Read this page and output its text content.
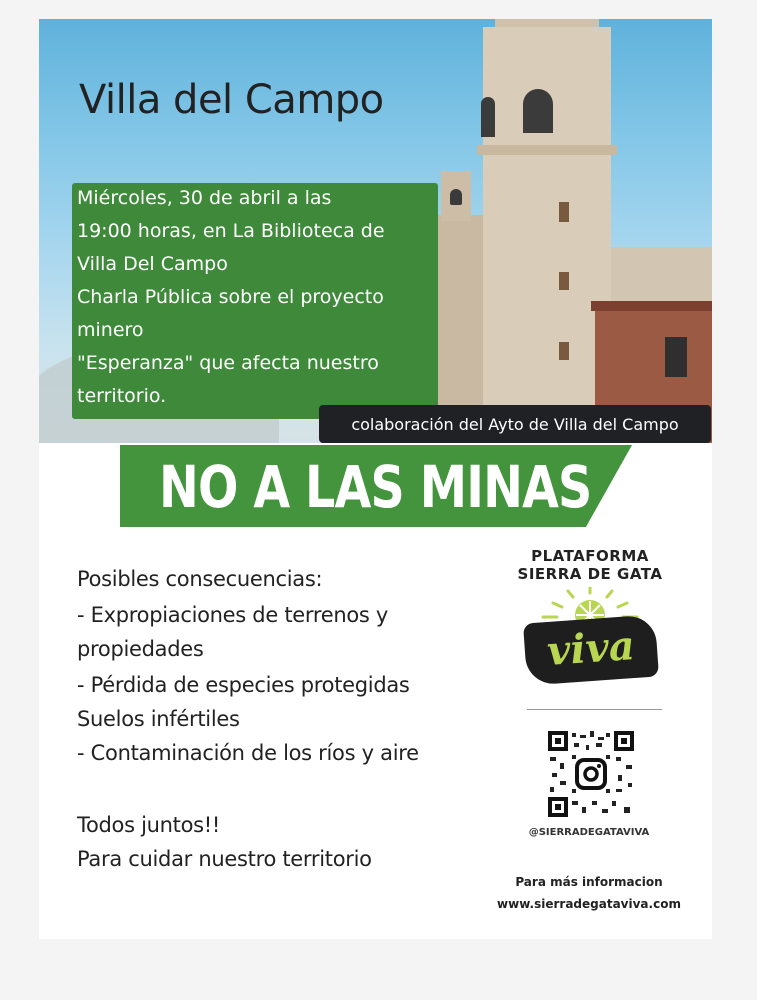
Villa del Campo

Miércoles, 30 de abril a las

19:00 horas, en La Biblioteca de

Villa Del Campo

Charla Pública sobre el proyecto

minero

"Esperanza" que afecta nuestro

territorio.

colaboración del Ayto de Villa del Campo

NO A LAS MINAS

Posibles consecuencias:

- Expropiaciones de terrenos y

propiedades

- Pérdida de especies protegidas

Suelos infértiles

- Contaminación de los ríos y aire

Todos juntos!!

Para cuidar nuestro territorio

PLATAFORMA

SIERRA DE GATA

viva

@SIERRADEGATAVIVA

Para más informacion

www.sierradegataviva.com
